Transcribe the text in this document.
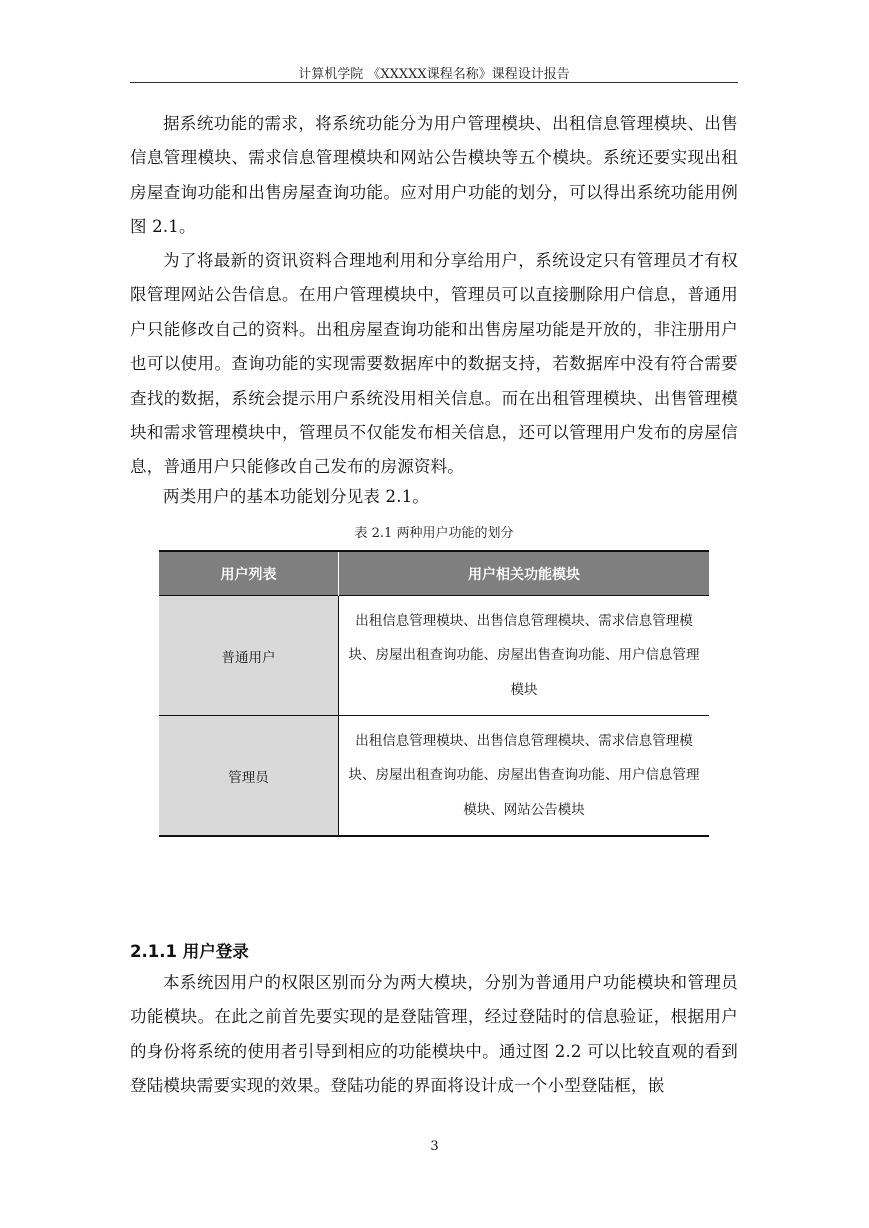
计算机学院 《XXXXX课程名称》课程设计报告

据系统功能的需求，将系统功能分为用户管理模块、出租信息管理模块、出售信息管理模块、需求信息管理模块和网站公告模块等五个模块。系统还要实现出租房屋查询功能和出售房屋查询功能。应对用户功能的划分，可以得出系统功能用例图 2.1。

为了将最新的资讯资料合理地利用和分享给用户，系统设定只有管理员才有权限管理网站公告信息。在用户管理模块中，管理员可以直接删除用户信息，普通用户只能修改自己的资料。出租房屋查询功能和出售房屋功能是开放的，非注册用户也可以使用。查询功能的实现需要数据库中的数据支持，若数据库中没有符合需要查找的数据，系统会提示用户系统没用相关信息。而在出租管理模块、出售管理模块和需求管理模块中，管理员不仅能发布相关信息，还可以管理用户发布的房屋信息，普通用户只能修改自己发布的房源资料。

两类用户的基本功能划分见表 2.1。

表 2.1 两种用户功能的划分
用户列表	用户相关功能模块
普通用户	出租信息管理模块、出售信息管理模块、需求信息管理模块、房屋出租查询功能、房屋出售查询功能、用户信息管理模块
管理员	出租信息管理模块、出售信息管理模块、需求信息管理模块、房屋出租查询功能、房屋出售查询功能、用户信息管理模块、网站公告模块
2.1.1 用户登录

本系统因用户的权限区别而分为两大模块，分别为普通用户功能模块和管理员功能模块。在此之前首先要实现的是登陆管理，经过登陆时的信息验证，根据用户的身份将系统的使用者引导到相应的功能模块中。通过图 2.2 可以比较直观的看到登陆模块需要实现的效果。登陆功能的界面将设计成一个小型登陆框，嵌

3
